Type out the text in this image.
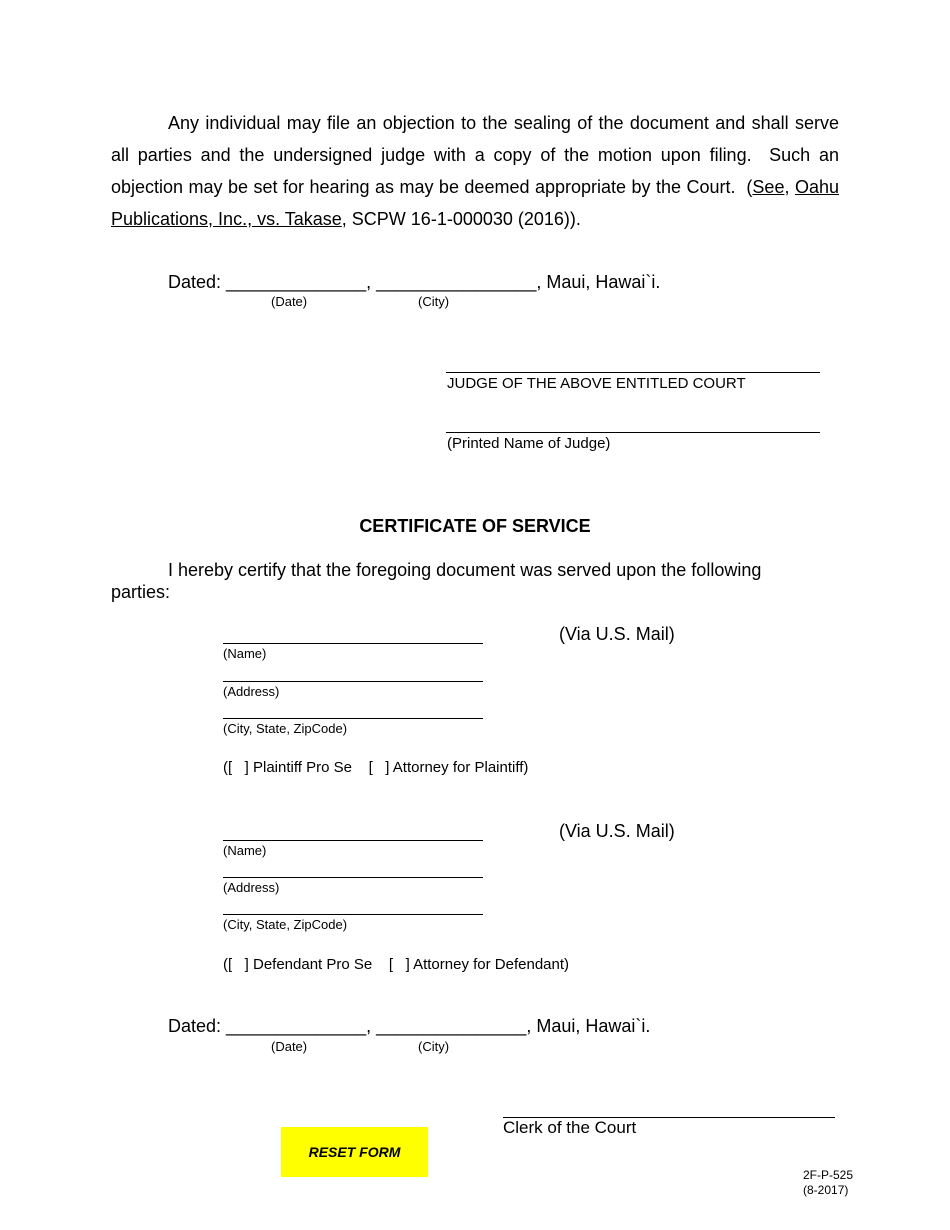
Any individual may file an objection to the sealing of the document and shall serve all parties and the undersigned judge with a copy of the motion upon filing.  Such an objection may be set for hearing as may be deemed appropriate by the Court.  (See, Oahu Publications, Inc., vs. Takase, SCPW 16-1-000030 (2016)).
Dated: ______________, ________________, Maui, Hawai`i.
(Date)	(City)
JUDGE OF THE ABOVE ENTITLED COURT
(Printed Name of Judge)
CERTIFICATE OF SERVICE
I hereby certify that the foregoing document was served upon the following
parties:
(Via U.S. Mail)
(Name)
(Address)
(City, State, ZipCode)
([   ] Plaintiff Pro Se    [   ] Attorney for Plaintiff)
(Via U.S. Mail)
(Name)
(Address)
(City, State, ZipCode)
([   ] Defendant Pro Se    [   ] Attorney for Defendant)
Dated: ______________, _______________, Maui, Hawai`i.
(Date)	(City)
Clerk of the Court
RESET FORM
2F-P-525
(8-2017)
